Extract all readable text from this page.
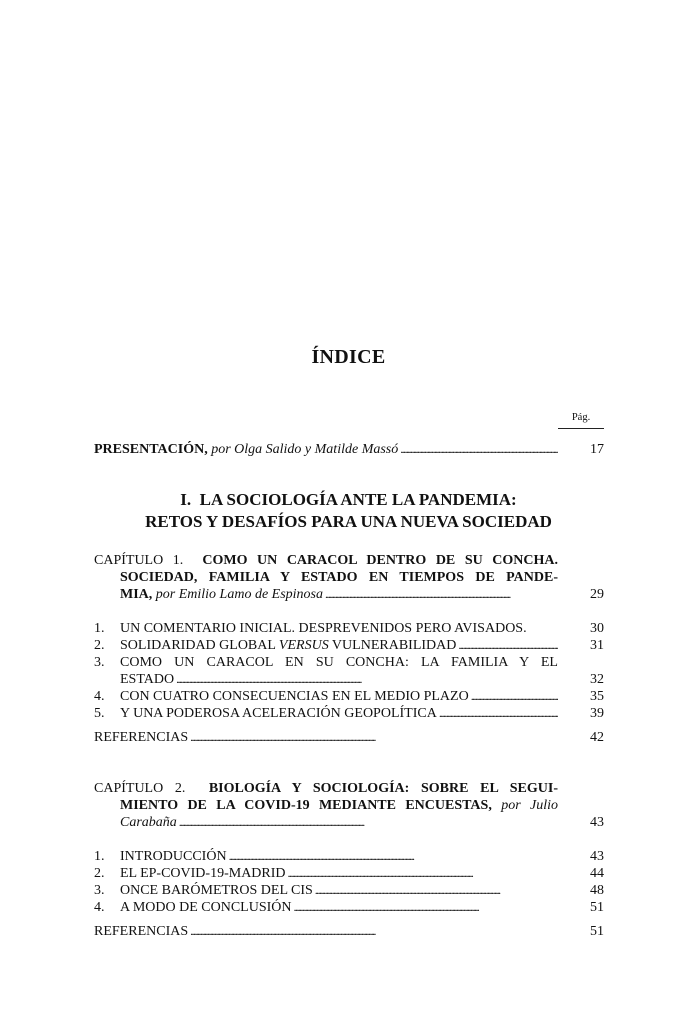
ÍNDICE
Pág.
PRESENTACIÓN, por Olga Salido y Matilde Massó . . .	17
I.  LA SOCIOLOGÍA ANTE LA PANDEMIA:
RETOS Y DESAFÍOS PARA UNA NUEVA SOCIEDAD
CAPÍTULO 1. COMO UN CARACOL DENTRO DE SU CONCHA.
SOCIEDAD, FAMILIA Y ESTADO EN TIEMPOS DE PANDE-
MIA, por Emilio Lamo de Espinosa . . .	29
1. UN COMENTARIO INICIAL. DESPREVENIDOS PERO AVISADOS.	30
2. SOLIDARIDAD GLOBAL VERSUS VULNERABILIDAD . . .	31
3. COMO UN CARACOL EN SU CONCHA: LA FAMILIA Y EL
ESTADO . . .	32
4. CON CUATRO CONSECUENCIAS EN EL MEDIO PLAZO . . .	35
5. Y UNA PODEROSA ACELERACIÓN GEOPOLÍTICA . . .	39
REFERENCIAS . . .	42
CAPÍTULO 2. BIOLOGÍA Y SOCIOLOGÍA: SOBRE EL SEGUI-
MIENTO DE LA COVID-19 MEDIANTE ENCUESTAS, por Julio
Carabaña . . .	43
1. INTRODUCCIÓN . . .	43
2. EL EP-COVID-19-MADRID . . .	44
3. ONCE BARÓMETROS DEL CIS . . .	48
4. A MODO DE CONCLUSIÓN . . .	51
REFERENCIAS . . .	51
